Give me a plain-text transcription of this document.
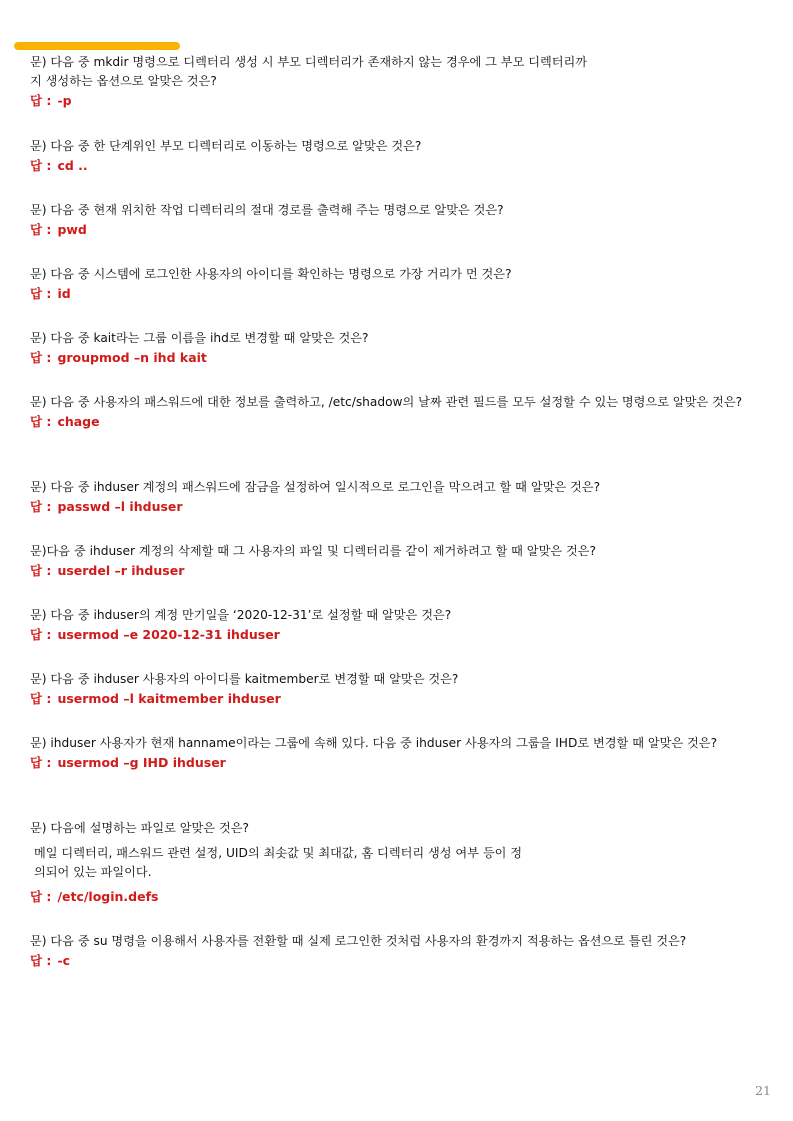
문) 다음 중 mkdir 명령으로 디렉터리 생성 시 부모 디렉터리가 존재하지 않는 경우에 그 부모 디렉터리까지 생성하는 옵션으로 알맞은 것은?

답 : -p

문) 다음 중 한 단계위인 부모 디렉터리로 이동하는 명령으로 알맞은 것은?

답 : cd ..

문) 다음 중 현재 위치한 작업 디렉터리의 절대 경로를 출력해 주는 명령으로 알맞은 것은?

답 : pwd

문) 다음 중 시스템에 로그인한 사용자의 아이디를 확인하는 명령으로 가장 거리가 먼 것은?

답 : id

문) 다음 중 kait라는 그룹 이름을 ihd로 변경할 때 알맞은 것은?

답 : groupmod –n ihd kait

문) 다음 중 사용자의 패스워드에 대한 정보를 출력하고, /etc/shadow의 날짜 관련 필드를 모두 설정할 수 있는 명령으로 알맞은 것은?

답 : chage

문) 다음 중 ihduser 계정의 패스워드에 잠금을 설정하여 일시적으로 로그인을 막으려고 할 때 알맞은 것은?

답 : passwd –l ihduser

문)다음 중 ihduser 계정의 삭제할 때 그 사용자의 파일 및 디렉터리를 같이 제거하려고 할 때 알맞은 것은?

답 : userdel –r ihduser

문) 다음 중 ihduser의 계정 만기일을 ‘2020-12-31’로 설정할 때 알맞은 것은?

답 : usermod –e 2020-12-31 ihduser

문) 다음 중 ihduser 사용자의 아이디를 kaitmember로 변경할 때 알맞은 것은?

답 : usermod –l kaitmember ihduser

문) ihduser 사용자가 현재 hanname이라는 그룹에 속해 있다. 다음 중 ihduser 사용자의 그룹을 IHD로 변경할 때 알맞은 것은?

답 : usermod –g IHD ihduser

문) 다음에 설명하는 파일로 알맞은 것은?

메일 디렉터리, 패스워드 관련 설정, UID의 최솟값 및 최대값, 홈 디렉터리 생성 여부 등이 정의되어 있는 파일이다.

답 : /etc/login.defs

문) 다음 중 su 명령을 이용해서 사용자를 전환할 때 실제 로그인한 것처럼 사용자의 환경까지 적용하는 옵션으로 틀린 것은?

답 : -c

21
